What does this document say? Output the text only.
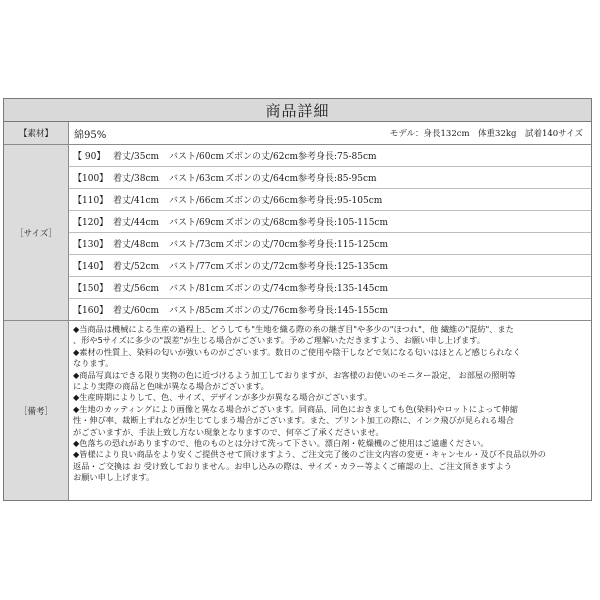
商品詳細
【素材】	綿95%	モデル：身長132cm　体重32kg　試着140サイズ
［サイズ］
【 90】 着丈/35cm	バスト/60cm ズボンの丈/62cm 参考身長:75-85cm
【100】 着丈/38cm	バスト/63cm ズボンの丈/64cm 参考身長:85-95cm
【110】 着丈/41cm	バスト/66cm ズボンの丈/66cm 参考身長:95-105cm
【120】 着丈/44cm	バスト/69cm ズボンの丈/68cm 参考身長:105-115cm
【130】 着丈/48cm	バスト/73cm ズボンの丈/70cm 参考身長:115-125cm
【140】 着丈/52cm	バスト/77cm ズボンの丈/72cm 参考身長:125-135cm
【150】 着丈/56cm	バスト/81cm ズボンの丈/74cm 参考身長:135-145cm
【160】 着丈/60cm	バスト/85cm ズボンの丈/76cm 参考身長:145-155cm
［備考］
◆当商品は機械による生産の過程上、どうしても"生地を織る際の糸の継ぎ目"や多少の"ほつれ"、他 繊維の"混紡"、また
、形や5サイズに多少の"誤差"が生じる場合がございます。予めご理解いただきますよう、お願い申し上げます。
◆素材の性質上、染料の匂いが強いものがございます。数日のご使用や陰干しなどで気になる匂いはほとんど感じられなく
なります。
◆商品写真はできる限り実物の色に近づけるよう加工しておりますが、お客様のお使いのモニター設定、 お部屋の照明等
により実際の商品と色味が異なる場合がございます。
◆生産時期によりして、色、サイズ、デザインが多少が異なる場合がございます。
◆生地のカッティングにより画像と異なる場合がございます。同商品、同色におきましても色(染料)やロットによって伸縮
性・伸び率、裁断上ずれなどが生じてしまう場合がございます。また、プリント加工の際に、インク飛びが見られる場合
がございますが、手法上致し方ない現象となりますので、何卒ご了承くださいませ。
◆色落ちの恐れがありますので、他のものとは分けて洗って下さい。漂白剤・乾燥機のご使用はご遠慮ください。
◆皆様により良い商品をより安くご提供させて頂けますよう、ご注文完了後のご注文内容の変更・キャンセル・及び不良品以外の
返品・ご交換は お 受け致しておりません。お申し込みの際は、サイズ・カラー等よくご確認の上、ご注文頂きますよう
お願い申し上げます。
